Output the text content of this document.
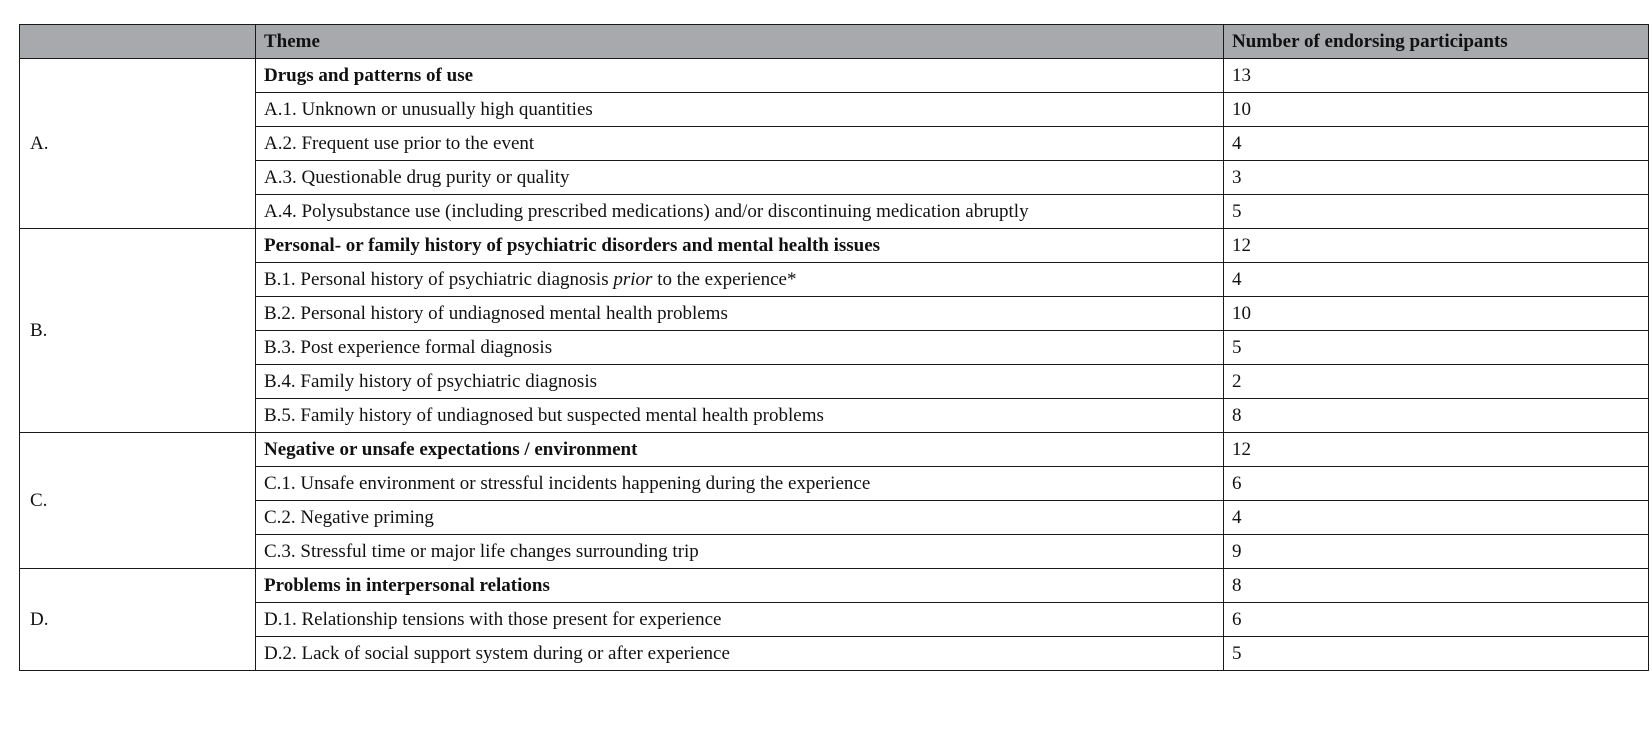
	Theme	Number of endorsing participants
A.	Drugs and patterns of use	13
	A.1. Unknown or unusually high quantities	10
	A.2. Frequent use prior to the event	4
	A.3. Questionable drug purity or quality	3
	A.4. Polysubstance use (including prescribed medications) and/or discontinuing medication abruptly	5
B.	Personal- or family history of psychiatric disorders and mental health issues	12
	B.1. Personal history of psychiatric diagnosis prior to the experience*	4
	B.2. Personal history of undiagnosed mental health problems	10
	B.3. Post experience formal diagnosis	5
	B.4. Family history of psychiatric diagnosis	2
	B.5. Family history of undiagnosed but suspected mental health problems	8
C.	Negative or unsafe expectations / environment	12
	C.1. Unsafe environment or stressful incidents happening during the experience	6
	C.2. Negative priming	4
	C.3. Stressful time or major life changes surrounding trip	9
D.	Problems in interpersonal relations	8
	D.1. Relationship tensions with those present for experience	6
	D.2. Lack of social support system during or after experience	5
